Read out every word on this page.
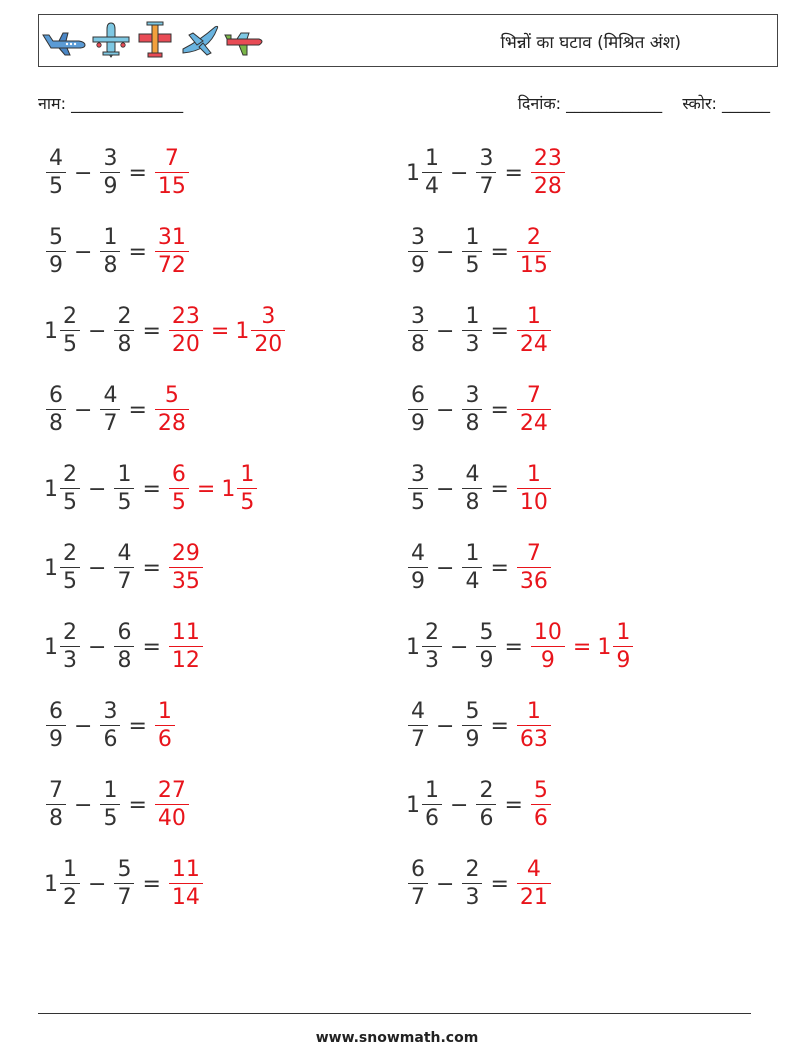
भिन्नों का घटाव (मिश्रित अंश)
नाम: ______________	दिनांक: ____________ स्कोर: ______
$\frac{4}{5} - \frac{3}{9} = \frac{7}{15}$	$1 \frac{1}{4} - \frac{3}{7} = \frac{23}{28}$
$\frac{5}{9} - \frac{1}{8} = \frac{31}{72}$	$\frac{3}{9} - \frac{1}{5} = \frac{2}{15}$
$1 \frac{2}{5} - \frac{2}{8} = \frac{23}{20} = 1 \frac{3}{20}$	$\frac{3}{8} - \frac{1}{3} = \frac{1}{24}$
$\frac{6}{8} - \frac{4}{7} = \frac{5}{28}$	$\frac{6}{9} - \frac{3}{8} = \frac{7}{24}$
$1 \frac{2}{5} - \frac{1}{5} = \frac{6}{5} = 1 \frac{1}{5}$	$\frac{3}{5} - \frac{4}{8} = \frac{1}{10}$
$1 \frac{2}{5} - \frac{4}{7} = \frac{29}{35}$	$\frac{4}{9} - \frac{1}{4} = \frac{7}{36}$
$1 \frac{2}{3} - \frac{6}{8} = \frac{11}{12}$	$1 \frac{2}{3} - \frac{5}{9} = \frac{10}{9} = 1 \frac{1}{9}$
$\frac{6}{9} - \frac{3}{6} = \frac{1}{6}$	$\frac{4}{7} - \frac{5}{9} = \frac{1}{63}$
$\frac{7}{8} - \frac{1}{5} = \frac{27}{40}$	$1 \frac{1}{6} - \frac{2}{6} = \frac{5}{6}$
$1 \frac{1}{2} - \frac{5}{7} = \frac{11}{14}$	$\frac{6}{7} - \frac{2}{3} = \frac{4}{21}$
www.snowmath.com
